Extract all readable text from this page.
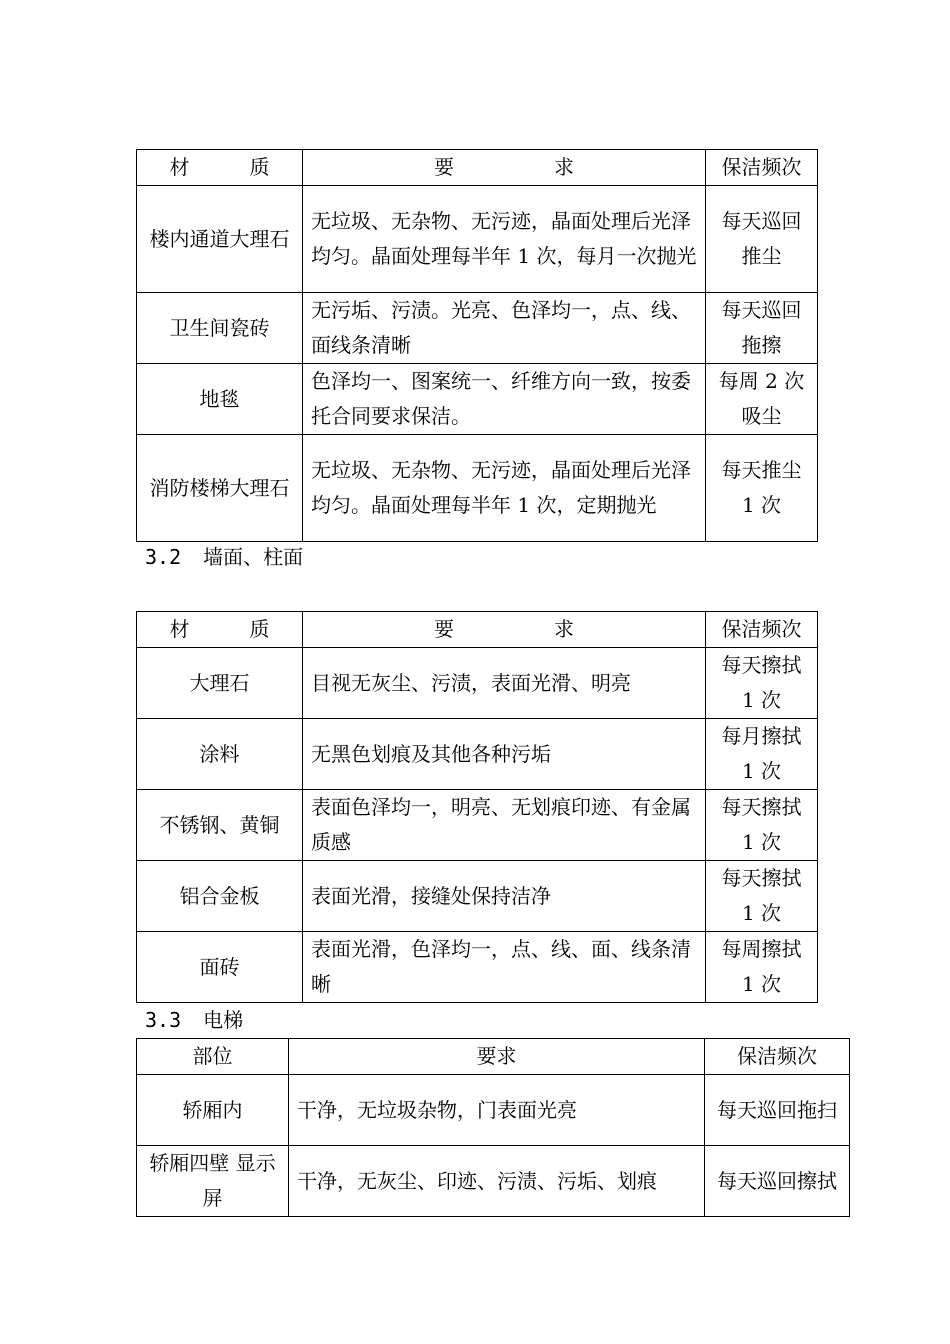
材　　　质	要　　　　　求	保洁频次
楼内通道大理石	无垃圾、无杂物、无污迹，晶面处理后光泽均匀。晶面处理每半年 1 次，每月一次抛光	每天巡回推尘
卫生间瓷砖	无污垢、污渍。光亮、色泽均一，点、线、面线条清晰	每天巡回拖擦
地毯	色泽均一、图案统一、纤维方向一致，按委托合同要求保洁。	每周 2 次吸尘
消防楼梯大理石	无垃圾、无杂物、无污迹，晶面处理后光泽均匀。晶面处理每半年 1 次，定期抛光	每天推尘 1 次
3.2 墙面、柱面
材　　　质	要　　　　　求	保洁频次
大理石	目视无灰尘、污渍，表面光滑、明亮	每天擦拭 1 次
涂料	无黑色划痕及其他各种污垢	每月擦拭 1 次
不锈钢、黄铜	表面色泽均一，明亮、无划痕印迹、有金属质感	每天擦拭 1 次
铝合金板	表面光滑，接缝处保持洁净	每天擦拭 1 次
面砖	表面光滑，色泽均一，点、线、面、线条清晰	每周擦拭 1 次
3.3 电梯
部位	要求	保洁频次
轿厢内	干净，无垃圾杂物，门表面光亮	每天巡回拖扫
轿厢四壁 显示屏	干净，无灰尘、印迹、污渍、污垢、划痕	每天巡回擦拭
